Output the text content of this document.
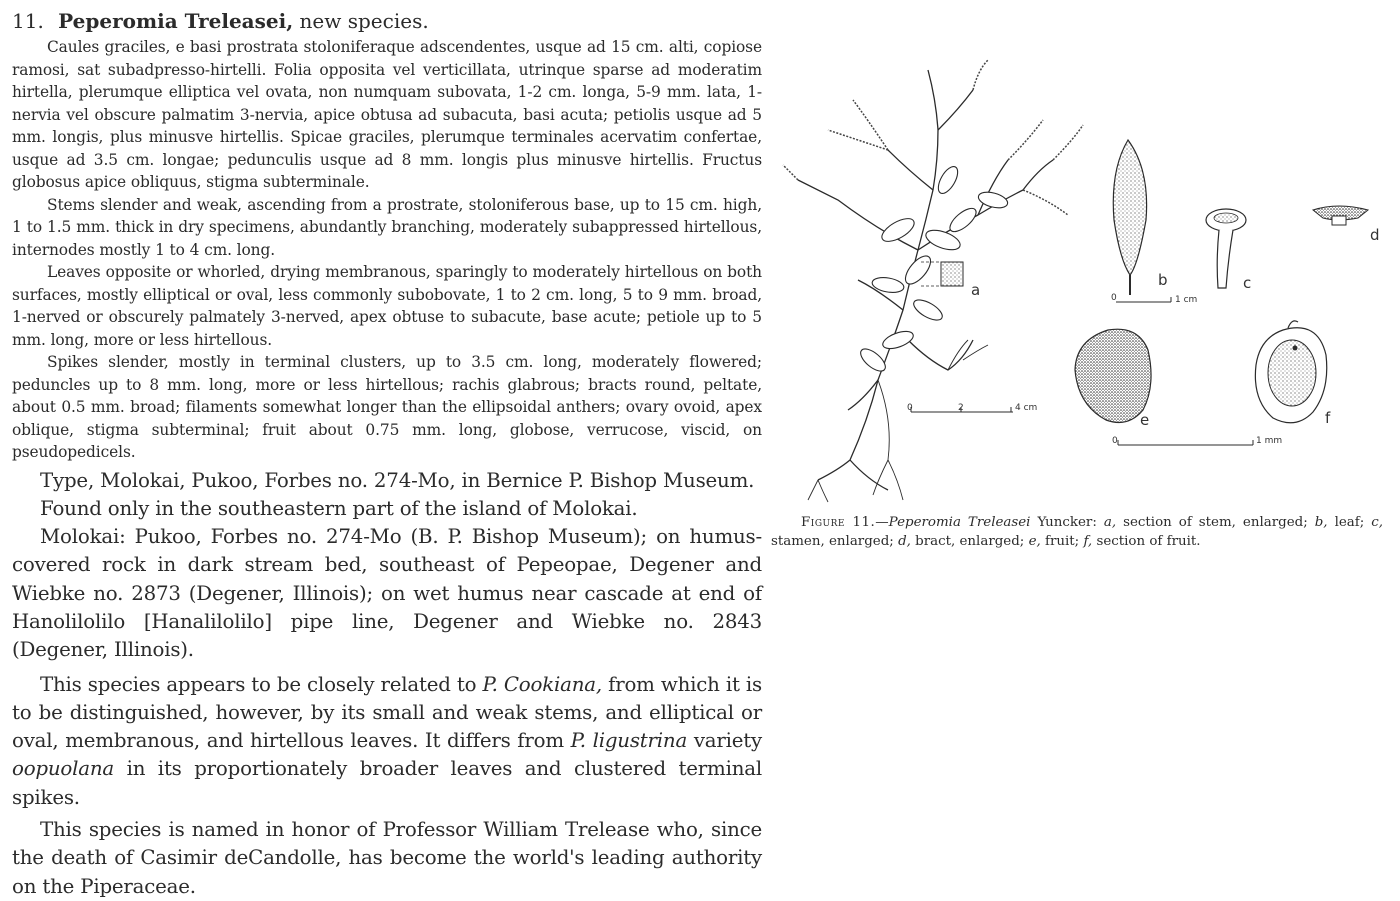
11. Peperomia Treleasei, new species.

Caules graciles, e basi prostrata stoloniferaque adscendentes, usque ad 15 cm. alti, copiose ramosi, sat subadpresso-hirtelli. Folia opposita vel verticillata, utrinque sparse ad moderatim hirtella, plerumque elliptica vel ovata, non numquam subovata, 1-2 cm. longa, 5-9 mm. lata, 1-nervia vel obscure palmatim 3-nervia, apice obtusa ad subacuta, basi acuta; petiolis usque ad 5 mm. longis, plus minusve hirtellis. Spicae graciles, plerumque terminales acervatim confertae, usque ad 3.5 cm. longae; pedunculis usque ad 8 mm. longis plus minusve hirtellis. Fructus globosus apice obliquus, stigma subterminale.

Stems slender and weak, ascending from a prostrate, stoloniferous base, up to 15 cm. high, 1 to 1.5 mm. thick in dry specimens, abundantly branching, moderately subappressed hirtellous, internodes mostly 1 to 4 cm. long.

Leaves opposite or whorled, drying membranous, sparingly to moderately hirtellous on both surfaces, mostly elliptical or oval, less commonly subobovate, 1 to 2 cm. long, 5 to 9 mm. broad, 1-nerved or obscurely palmately 3-nerved, apex obtuse to subacute, base acute; petiole up to 5 mm. long, more or less hirtellous.

Spikes slender, mostly in terminal clusters, up to 3.5 cm. long, moderately flowered; peduncles up to 8 mm. long, more or less hirtellous; rachis glabrous; bracts round, peltate, about 0.5 mm. broad; filaments somewhat longer than the ellipsoidal anthers; ovary ovoid, apex oblique, stigma subterminal; fruit about 0.75 mm. long, globose, verrucose, viscid, on pseudopedicels.

Type, Molokai, Pukoo, Forbes no. 274-Mo, in Bernice P. Bishop Museum.

Found only in the southeastern part of the island of Molokai.

Molokai: Pukoo, Forbes no. 274-Mo (B. P. Bishop Museum); on humus-covered rock in dark stream bed, southeast of Pepeopae, Degener and Wiebke no. 2873 (Degener, Illinois); on wet humus near cascade at end of Hanolilolilo [Hanalilolilo] pipe line, Degener and Wiebke no. 2843 (Degener, Illinois).

This species appears to be closely related to P. Cookiana, from which it is to be distinguished, however, by its small and weak stems, and elliptical or oval, membranous, and hirtellous leaves. It differs from P. ligustrina variety oopuolana in its proportionately broader leaves and clustered terminal spikes.

This species is named in honor of Professor William Trelease who, since the death of Casimir deCandolle, has become the world's leading authority on the Piperaceae.

a
0	2	4 cm
b
0	1 cm
c
d
e	f
0	1 mm
Figure 11.—Peperomia Treleasei Yuncker: a, section of stem, enlarged; b, leaf; c, stamen, enlarged; d, bract, enlarged; e, fruit; f, section of fruit.
